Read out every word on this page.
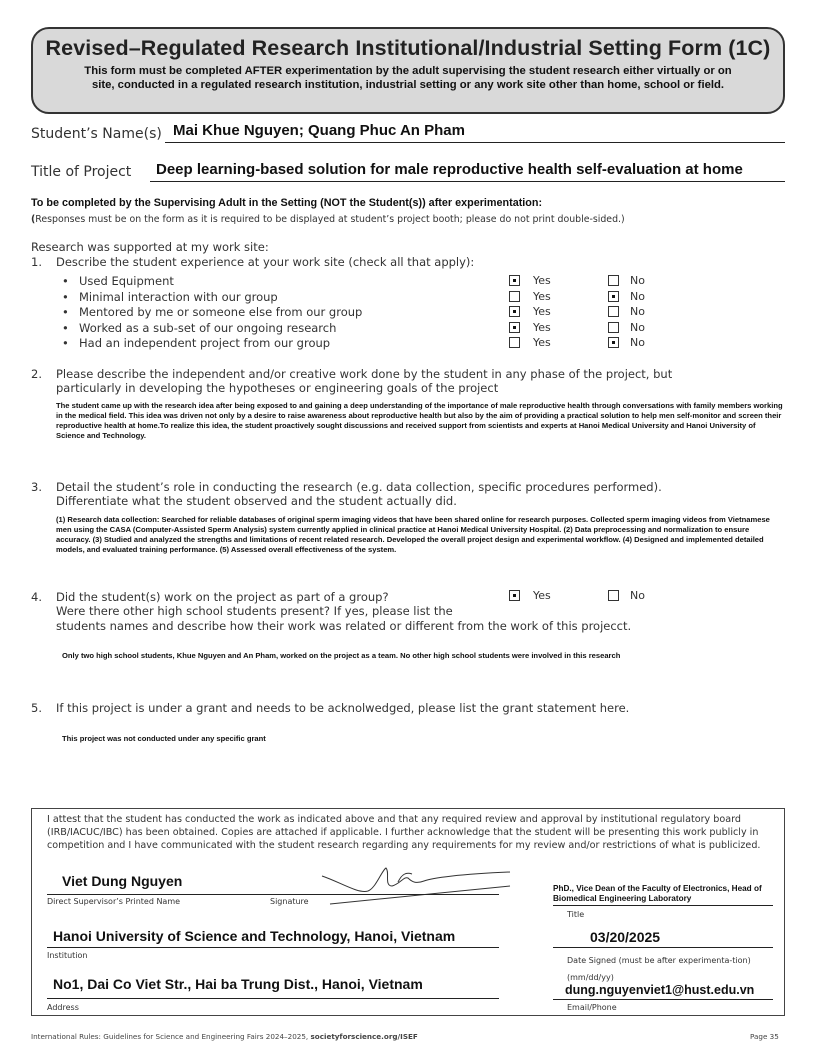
Revised–Regulated Research Institutional/Industrial Setting Form (1C)
This form must be completed AFTER experimentation by the adult supervising the student research either virtually or on site, conducted in a regulated research institution, industrial setting or any work site other than home, school or field.
Student’s Name(s) Mai Khue Nguyen; Quang Phuc An Pham
Title of Project Deep learning-based solution for male reproductive health self-evaluation at home
To be completed by the Supervising Adult in the Setting (NOT the Student(s)) after experimentation:
(Responses must be on the form as it is required to be displayed at student’s project booth; please do not print double-sided.)
Research was supported at my work site:
1. Describe the student experience at your work site (check all that apply):
• Used Equipment	Yes	No
• Minimal interaction with our group	Yes	No
• Mentored by me or someone else from our group	Yes	No
• Worked as a sub-set of our ongoing research	Yes	No
• Had an independent project from our group	Yes	No
2. Please describe the independent and/or creative work done by the student in any phase of the project, but
particularly in developing the hypotheses or engineering goals of the project
The student came up with the research idea after being exposed to and gaining a deep understanding of the importance of male reproductive health through conversations with family members working in the medical field. This idea was driven not only by a desire to raise awareness about reproductive health but also by the aim of providing a practical solution to help men self-monitor and screen their reproductive health at home.To realize this idea, the student proactively sought discussions and received support from scientists and experts at Hanoi Medical University and Hanoi University of Science and Technology.
3. Detail the student’s role in conducting the research (e.g. data collection, specific procedures performed).
Differentiate what the student observed and the student actually did.
(1) Research data collection: Searched for reliable databases of original sperm imaging videos that have been shared online for research purposes. Collected sperm imaging videos from Vietnamese men using the CASA (Computer-Assisted Sperm Analysis) system currently applied in clinical practice at Hanoi Medical University Hospital. (2) Data preprocessing and normalization to ensure accuracy. (3) Studied and analyzed the strengths and limitations of recent related research. Developed the overall project design and experimental workflow. (4) Designed and implemented detailed models, and evaluated training performance. (5) Assessed overall effectiveness of the system.
4. Did the student(s) work on the project as part of a group?	Yes	No
Were there other high school students present? If yes, please list the
students names and describe how their work was related or different from the work of this projecct.
Only two high school students, Khue Nguyen and An Pham, worked on the project as a team. No other high school students were involved in this research
5. If this project is under a grant and needs to be acknolwedged, please list the grant statement here.
This project was not conducted under any specific grant
I attest that the student has conducted the work as indicated above and that any required review and approval by institutional regulatory board (IRB/IACUC/IBC) has been obtained. Copies are attached if applicable. I further acknowledge that the student will be presenting this work publicly in competition and I have communicated with the student research regarding any requirements for my review and/or restrictions of what is publicized.
Viet Dung Nguyen	PhD., Vice Dean of the Faculty of Electronics, Head of Biomedical Engineering Laboratory
Direct Supervisor’s Printed Name	Signature
Title
Hanoi University of Science and Technology, Hanoi, Vietnam
Institution
03/20/2025
Date Signed (must be after experimenta-tion) (mm/dd/yy)
No1, Dai Co Viet Str., Hai ba Trung Dist., Hanoi, Vietnam
Address
dung.nguyenviet1@hust.edu.vn
Email/Phone
International Rules: Guidelines for Science and Engineering Fairs 2024–2025, societyforscience.org/ISEF	Page 35
